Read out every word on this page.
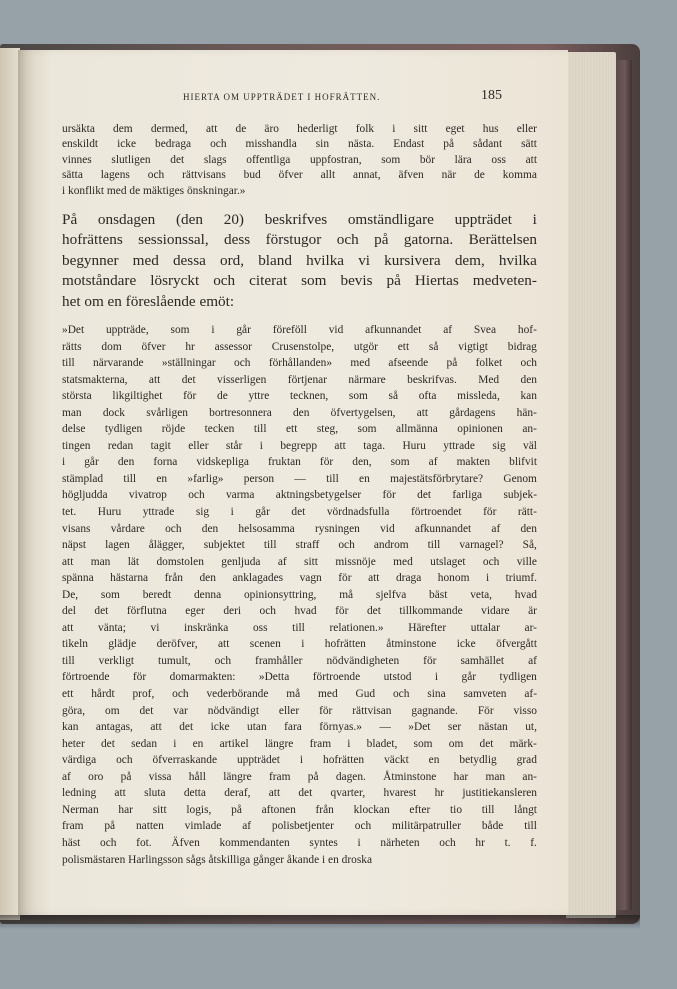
HIERTA OM UPPTRÄDET I HOFRÄTTEN.	185
ursäkta dem dermed, att de äro hederligt folk i sitt eget hus eller
enskildt icke bedraga och misshandla sin nästa. Endast på sådant sätt
vinnes slutligen det slags offentliga uppfostran, som bör lära oss att
sätta lagens och rättvisans bud öfver allt annat, äfven när de komma
i konflikt med de mäktiges önskningar.»
På onsdagen (den 20) beskrifves omständligare uppträdet i
hofrättens sessionssal, dess förstugor och på gatorna. Berättelsen
begynner med dessa ord, bland hvilka vi kursivera dem, hvilka
motståndare lösryckt och citerat som bevis på Hiertas medveten-
het om en föreslående emöt:
»Det uppträde, som i går föreföll vid afkunnandet af Svea hof-
rätts dom öfver hr assessor Crusenstolpe, utgör ett så vigtigt bidrag
till närvarande »ställningar och förhållanden» med afseende på folket och
statsmakterna, att det visserligen förtjenar närmare beskrifvas. Med den
största likgiltighet för de yttre tecknen, som så ofta missleda, kan
man dock svårligen bortresonnera den öfvertygelsen, att gårdagens hän-
delse tydligen röjde tecken till ett steg, som allmänna opinionen an-
tingen redan tagit eller står i begrepp att taga. Huru yttrade sig väl
i går den forna vidskepliga fruktan för den, som af makten blifvit
stämplad till en »farlig» person — till en majestätsförbrytare? Genom
högljudda vivatrop och varma aktningsbetygelser för det farliga subjek-
tet. Huru yttrade sig i går det vördnadsfulla förtroendet för rätt-
visans vårdare och den helsosamma rysningen vid afkunnandet af den
näpst lagen ålägger, subjektet till straff och androm till varnagel? Så,
att man lät domstolen genljuda af sitt missnöje med utslaget och ville
spänna hästarna från den anklagades vagn för att draga honom i triumf.
De, som beredt denna opinionsyttring, må sjelfva bäst veta, hvad
del det förflutna eger deri och hvad för det tillkommande vidare är
att vänta; vi inskränka oss till relationen.» Härefter uttalar ar-
tikeln glädje deröfver, att scenen i hofrätten åtminstone icke öfvergått
till verkligt tumult, och framhåller nödvändigheten för samhället af
förtroende för domarmakten: »Detta förtroende utstod i går tydligen
ett hårdt prof, och vederbörande må med Gud och sina samveten af-
göra, om det var nödvändigt eller för rättvisan gagnande. För visso
kan antagas, att det icke utan fara förnyas.» — »Det ser nästan ut,
heter det sedan i en artikel längre fram i bladet, som om det märk-
värdiga och öfverraskande uppträdet i hofrätten väckt en betydlig grad
af oro på vissa håll längre fram på dagen. Åtminstone har man an-
ledning att sluta detta deraf, att det qvarter, hvarest hr justitiekansleren
Nerman har sitt logis, på aftonen från klockan efter tio till långt
fram på natten vimlade af polisbetjenter och militärpatruller både till
häst och fot. Äfven kommendanten syntes i närheten och hr t. f.
polismästaren Harlingsson sågs åtskilliga gånger åkande i en droska
